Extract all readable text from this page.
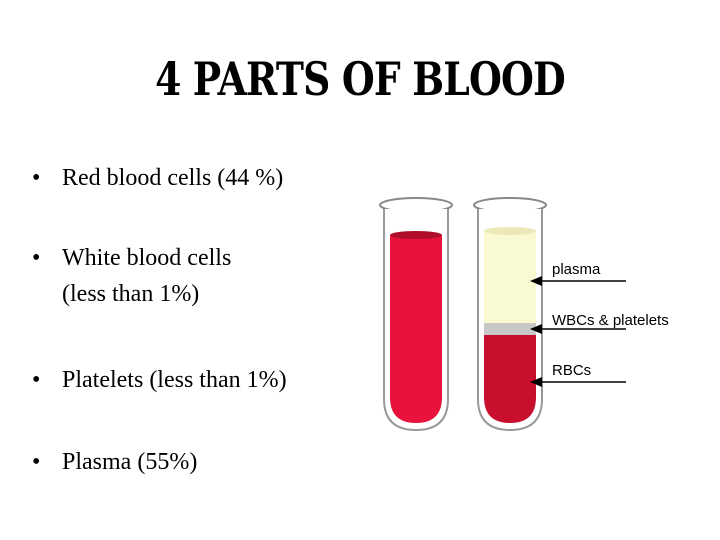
4 PARTS OF BLOOD
• Red blood cells (44 %)
• White blood cells
(less than 1%)
• Platelets (less than 1%)
• Plasma (55%)
plasma
WBCs & platelets
RBCs
